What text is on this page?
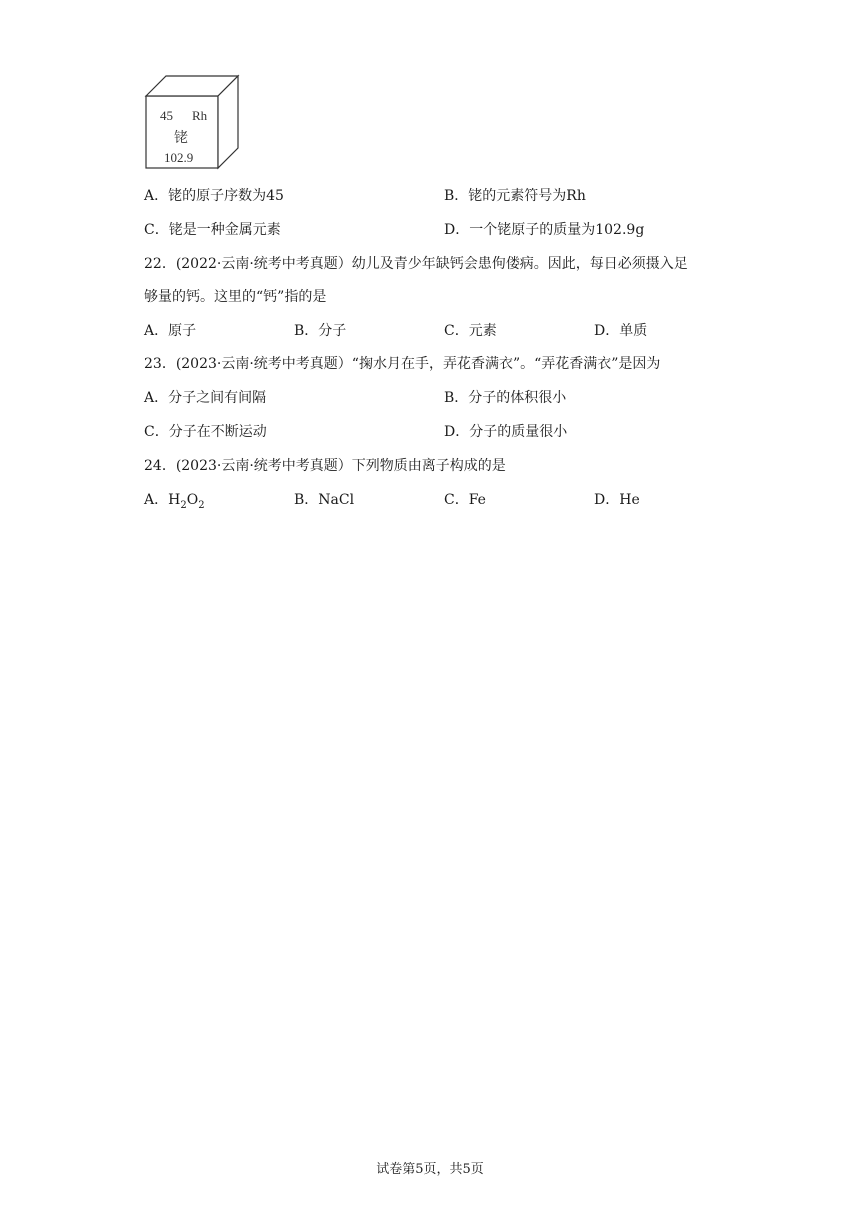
45 Rh
铑
102.9
A．铑的原子序数为45	B．铑的元素符号为Rh
C．铑是一种金属元素	D．一个铑原子的质量为102.9g
22．(2022·云南·统考中考真题）幼儿及青少年缺钙会患佝偻病。因此，每日必须摄入足
够量的钙。这里的“钙”指的是
A．原子	B．分子	C．元素	D．单质
23．(2023·云南·统考中考真题）“掬水月在手，弄花香满衣”。“弄花香满衣”是因为
A．分子之间有间隔	B．分子的体积很小
C．分子在不断运动	D．分子的质量很小
24．(2023·云南·统考中考真题）下列物质由离子构成的是
A．$H_2O_2$	B．NaCl	C．Fe	D．He
试卷第5页，共5页
